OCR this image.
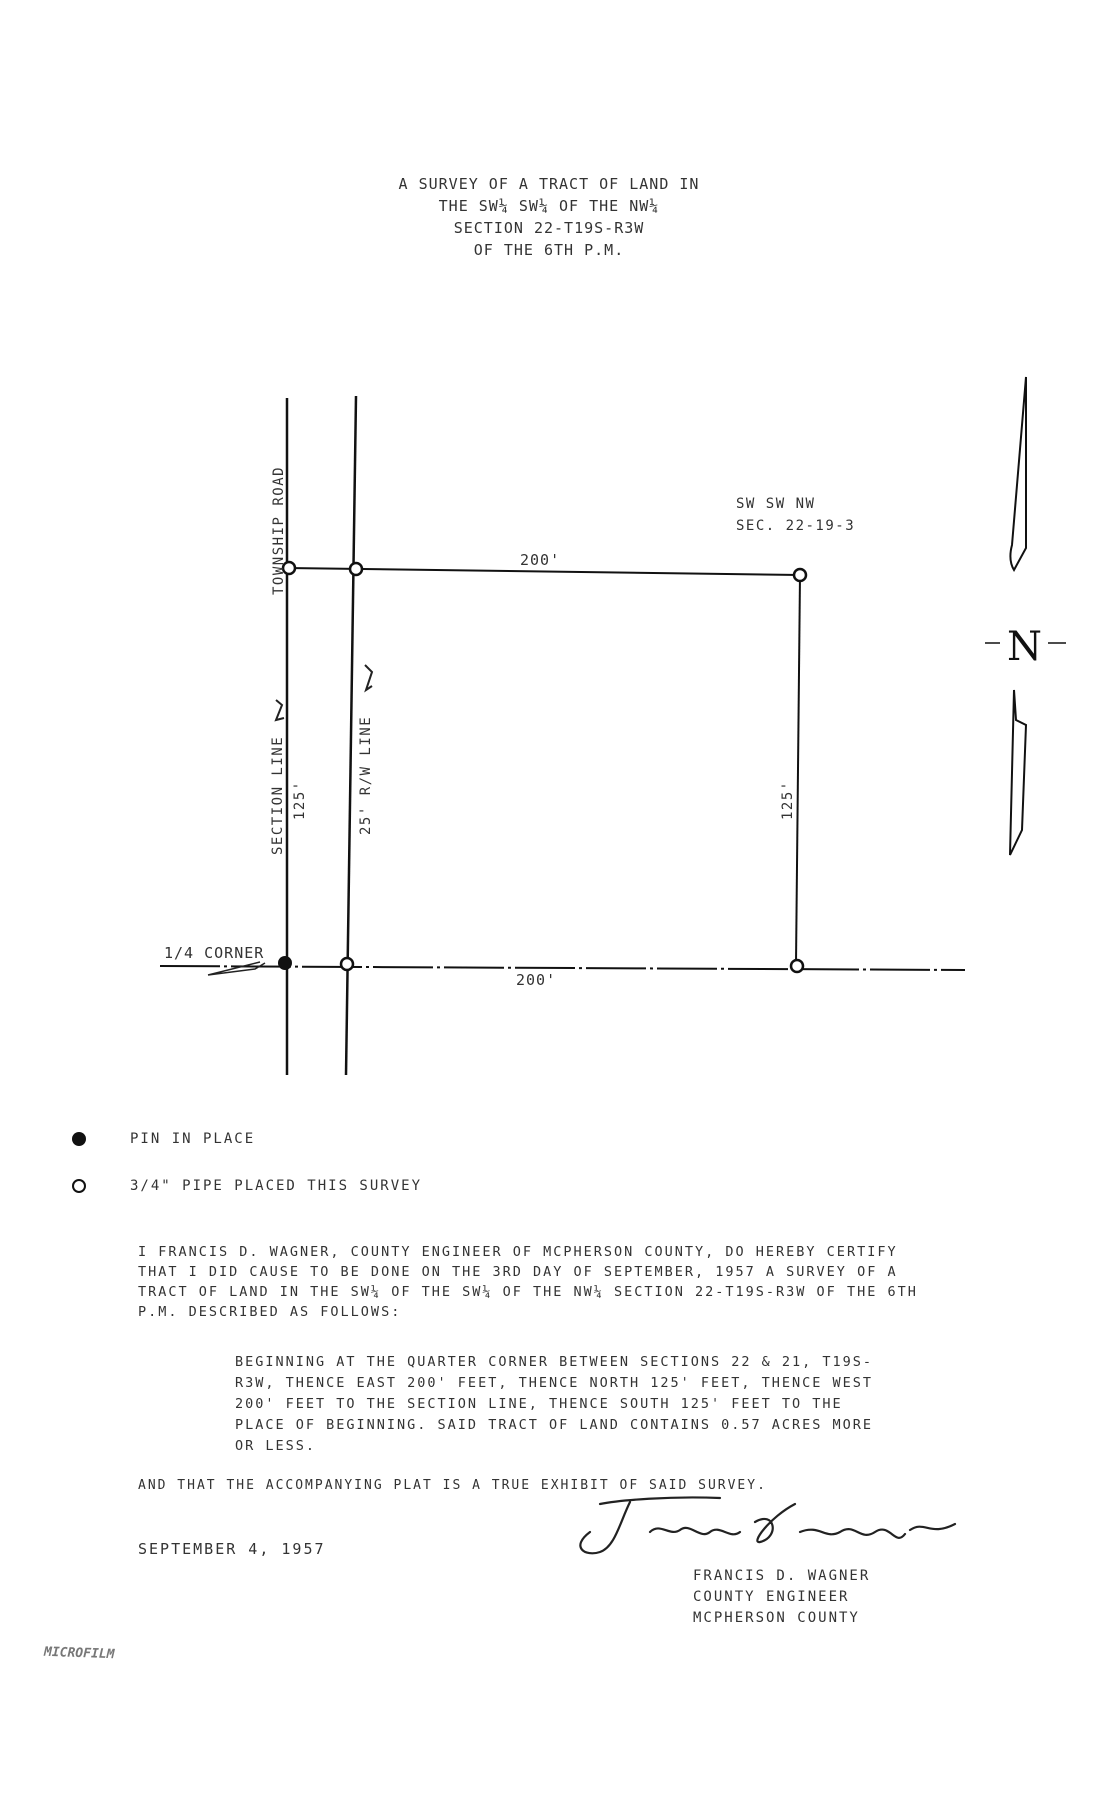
A SURVEY OF A TRACT OF LAND IN
THE SW¼ SW¼ OF THE NW¼
SECTION 22-T19S-R3W
OF THE 6TH P.M.
TOWNSHIP ROAD
SECTION LINE 125'	25' R/W LINE	125'
200'
200'
SW SW NW
SEC. 22-19-3
1/4 CORNER
N
PIN IN PLACE
3/4" PIPE PLACED THIS SURVEY
I FRANCIS D. WAGNER, COUNTY ENGINEER OF MCPHERSON COUNTY, DO HEREBY CERTIFY THAT I DID CAUSE TO BE DONE ON THE 3RD DAY OF SEPTEMBER, 1957 A SURVEY OF A TRACT OF LAND IN THE SW¼ OF THE SW¼ OF THE NW¼ SECTION 22-T19S-R3W OF THE 6TH P.M. DESCRIBED AS FOLLOWS:
BEGINNING AT THE QUARTER CORNER BETWEEN SECTIONS 22 & 21, T19S-R3W, THENCE EAST 200' FEET, THENCE NORTH 125' FEET, THENCE WEST 200' FEET TO THE SECTION LINE, THENCE SOUTH 125' FEET TO THE PLACE OF BEGINNING. SAID TRACT OF LAND CONTAINS 0.57 ACRES MORE OR LESS.
AND THAT THE ACCOMPANYING PLAT IS A TRUE EXHIBIT OF SAID SURVEY.
SEPTEMBER 4, 1957
FRANCIS D. WAGNER
COUNTY ENGINEER
MCPHERSON COUNTY
MICROFILM
